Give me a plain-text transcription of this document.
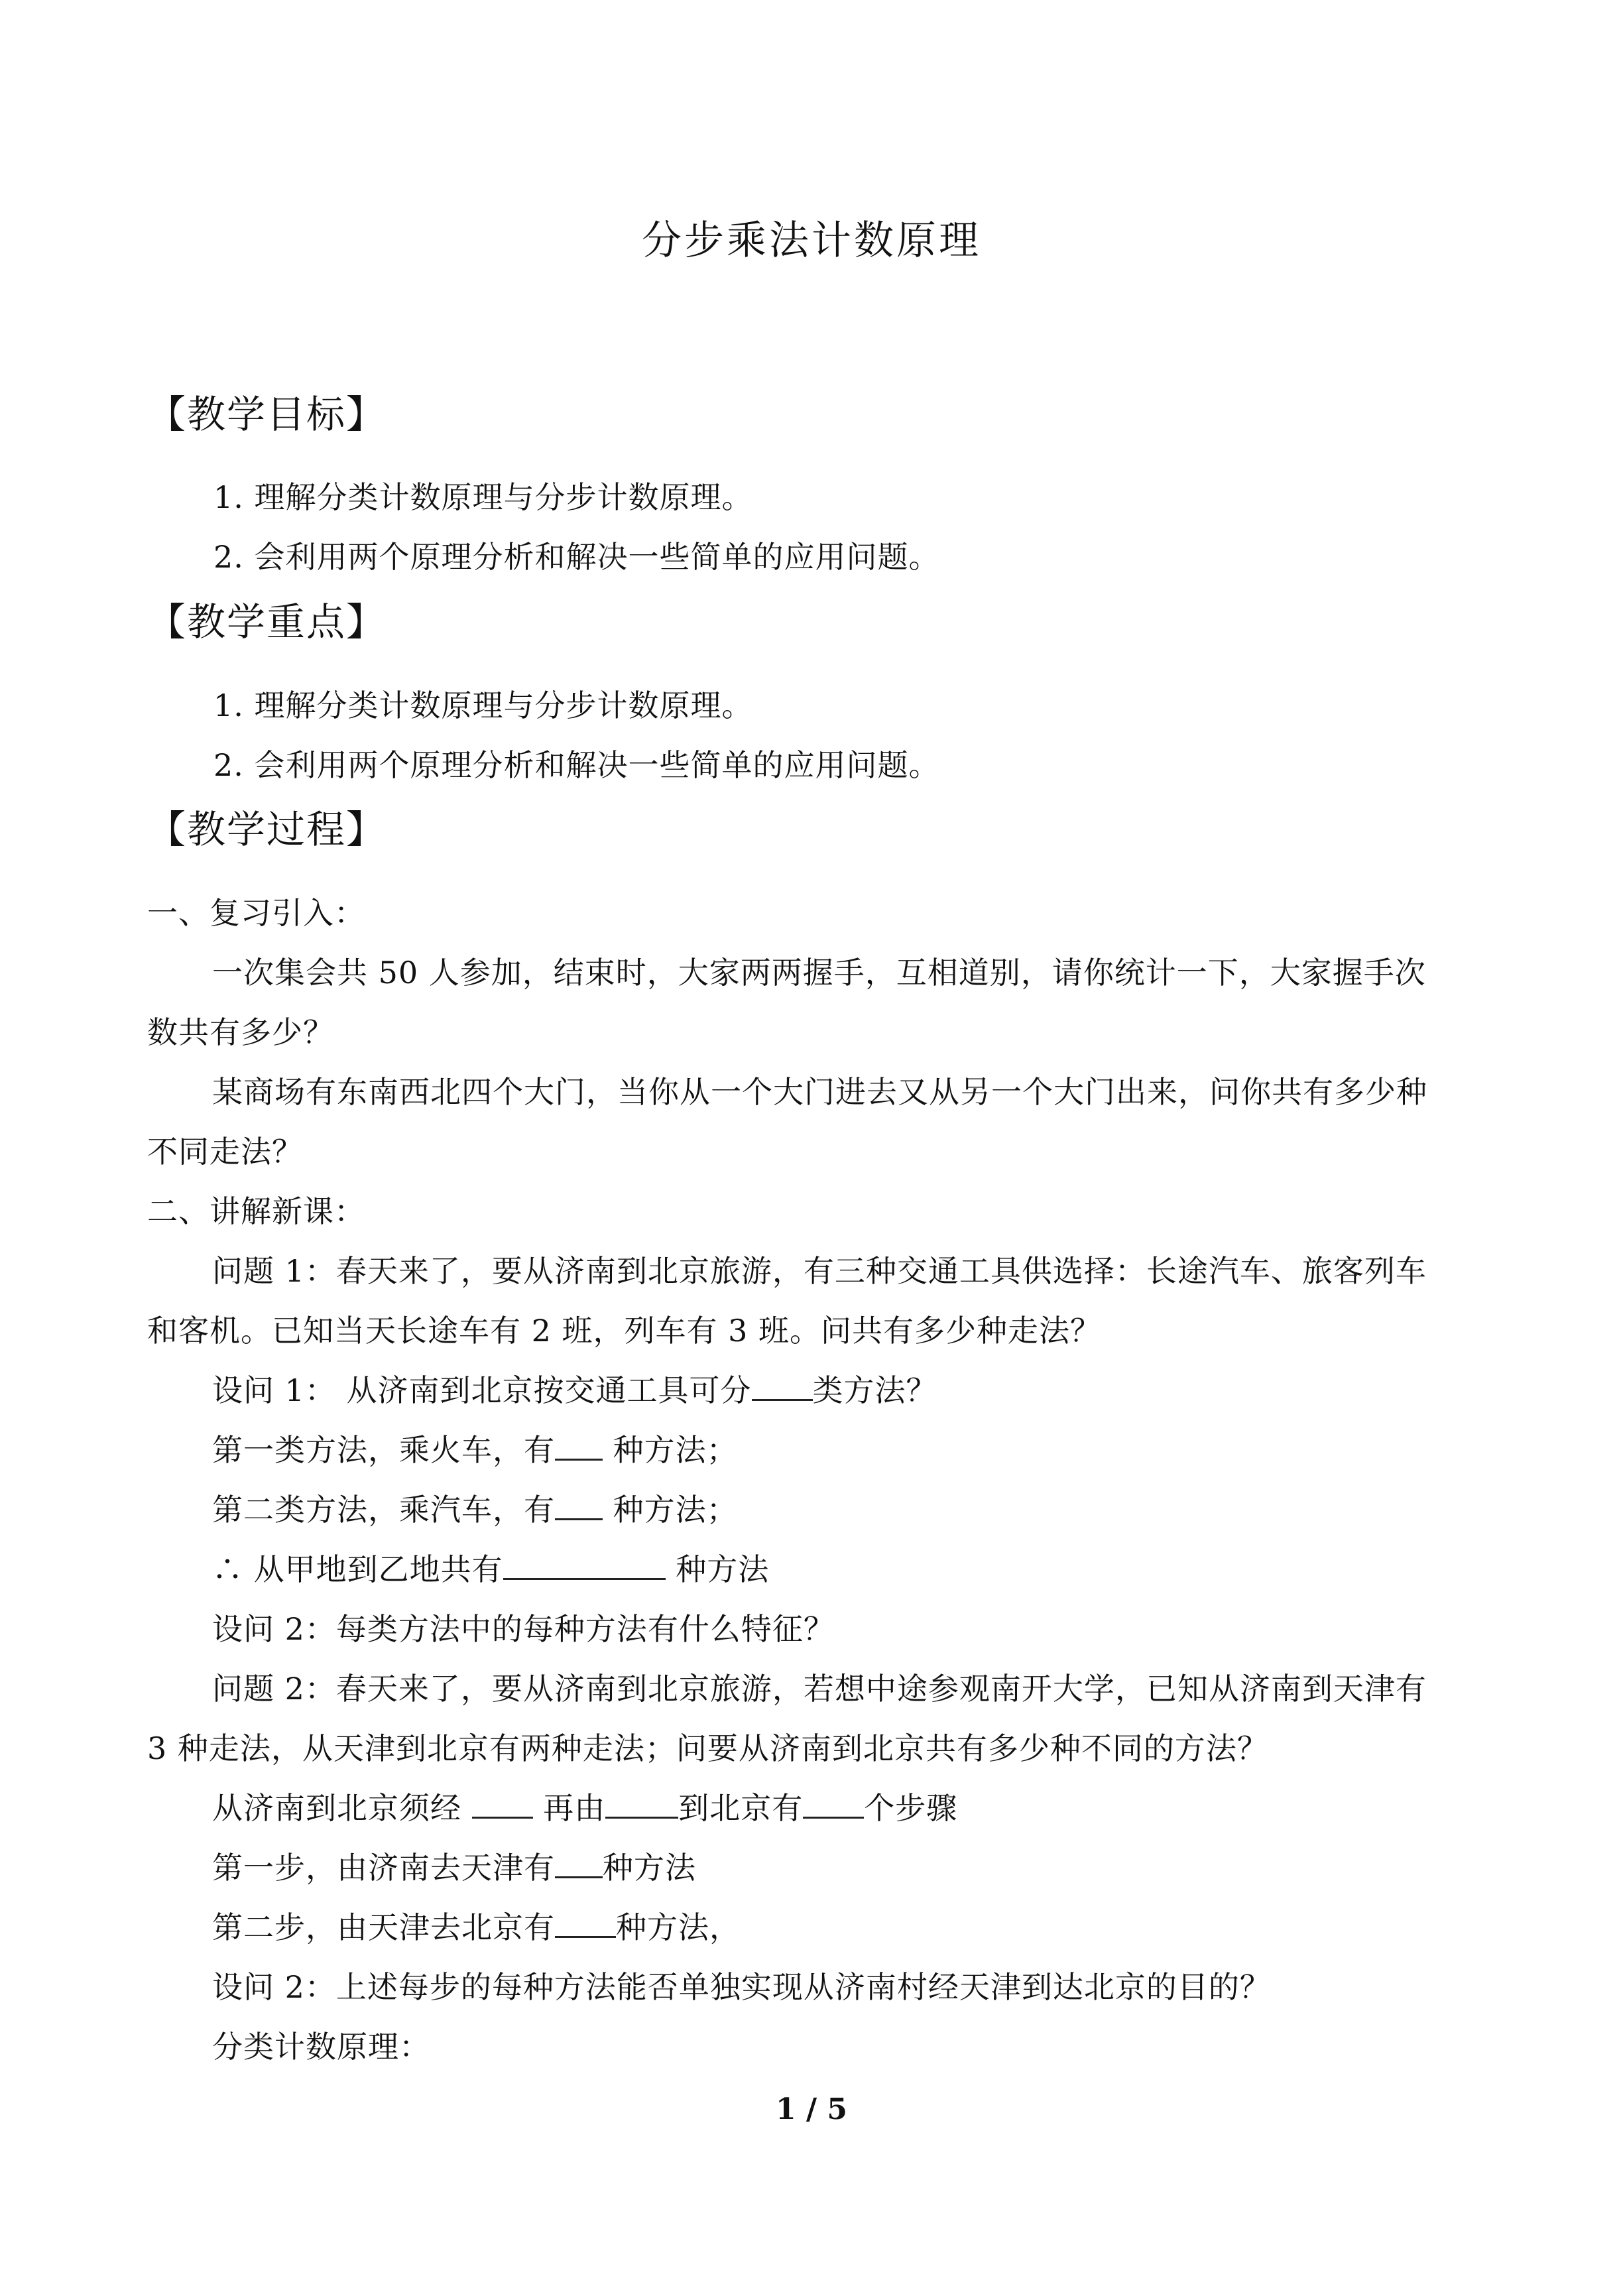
分步乘法计数原理
【教学目标】
1. 理解分类计数原理与分步计数原理。
2. 会利用两个原理分析和解决一些简单的应用问题。
【教学重点】
1. 理解分类计数原理与分步计数原理。
2. 会利用两个原理分析和解决一些简单的应用问题。
【教学过程】
一、复习引入：
一次集会共 50 人参加，结束时，大家两两握手，互相道别，请你统计一下，大家握手次
数共有多少？
某商场有东南西北四个大门，当你从一个大门进去又从另一个大门出来，问你共有多少种
不同走法？
二、讲解新课：
问题 1：春天来了，要从济南到北京旅游，有三种交通工具供选择：长途汽车、旅客列车
和客机。已知当天长途车有 2 班，列车有 3 班。问共有多少种走法？
设问 1： 从济南到北京按交通工具可分 类方法？
第一类方法，乘火车，有 种方法；
第二类方法，乘汽车，有 种方法；
∴ 从甲地到乙地共有	种方法
设问 2：每类方法中的每种方法有什么特征？
问题 2：春天来了，要从济南到北京旅游，若想中途参观南开大学，已知从济南到天津有
3 种走法，从天津到北京有两种走法；问要从济南到北京共有多少种不同的方法？
从济南到北京须经  再由 到北京有 个步骤
第一步，由济南去天津有 种方法
第二步，由天津去北京有 种方法，
设问 2：上述每步的每种方法能否单独实现从济南村经天津到达北京的目的？
分类计数原理：
1 / 5
